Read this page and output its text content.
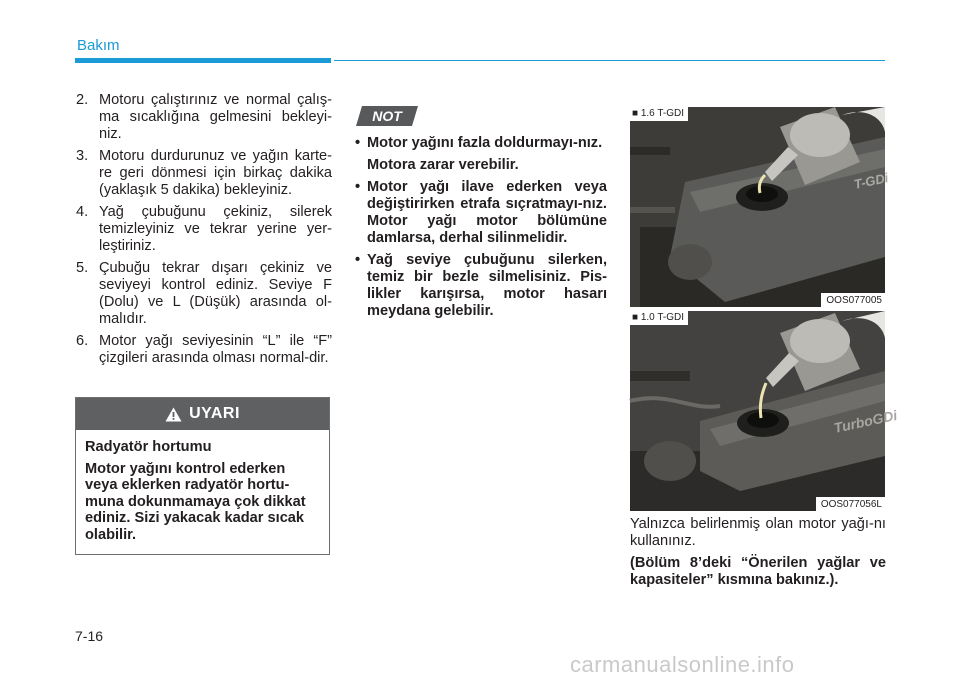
Bakım
2. Motoru çalıştırınız ve normal çalış-ma sıcaklığına gelmesini bekleyi-niz.
3. Motoru durdurunuz ve yağın karte-re geri dönmesi için birkaç dakika (yaklaşık 5 dakika) bekleyiniz.
4. Yağ çubuğunu çekiniz, silerek temizleyiniz ve tekrar yerine yer-leştiriniz.
5. Çubuğu tekrar dışarı çekiniz ve seviyeyi kontrol ediniz. Seviye F (Dolu) ve L (Düşük) arasında ol-malıdır.
6. Motor yağı seviyesinin “L” ile “F” çizgileri arasında olması normal-dir.
UYARI

Radyatör hortumu

Motor yağını kontrol ederken veya eklerken radyatör hortu-muna dokunmamaya çok dikkat ediniz. Sizi yakacak kadar sıcak olabilir.

NOT
• Motor yağını fazla doldurmayı-nız.
Motora zarar verebilir.
• Motor yağı ilave ederken veya değiştirirken etrafa sıçratmayı-nız. Motor yağı motor bölümüne damlarsa, derhal silinmelidir.
• Yağ seviye çubuğunu silerken, temiz bir bezle silmelisiniz. Pis-likler karışırsa, motor hasarı meydana gelebilir.
T-GDi
■ 1.6 T-GDI
OOS077005
TurboGDi
■ 1.0 T-GDI
OOS077056L

Yalnızca belirlenmiş olan motor yağı-nı kullanınız.

(Bölüm 8’deki “Önerilen yağlar ve kapasiteler” kısmına bakınız.).

7-16
carmanualsonline.info
